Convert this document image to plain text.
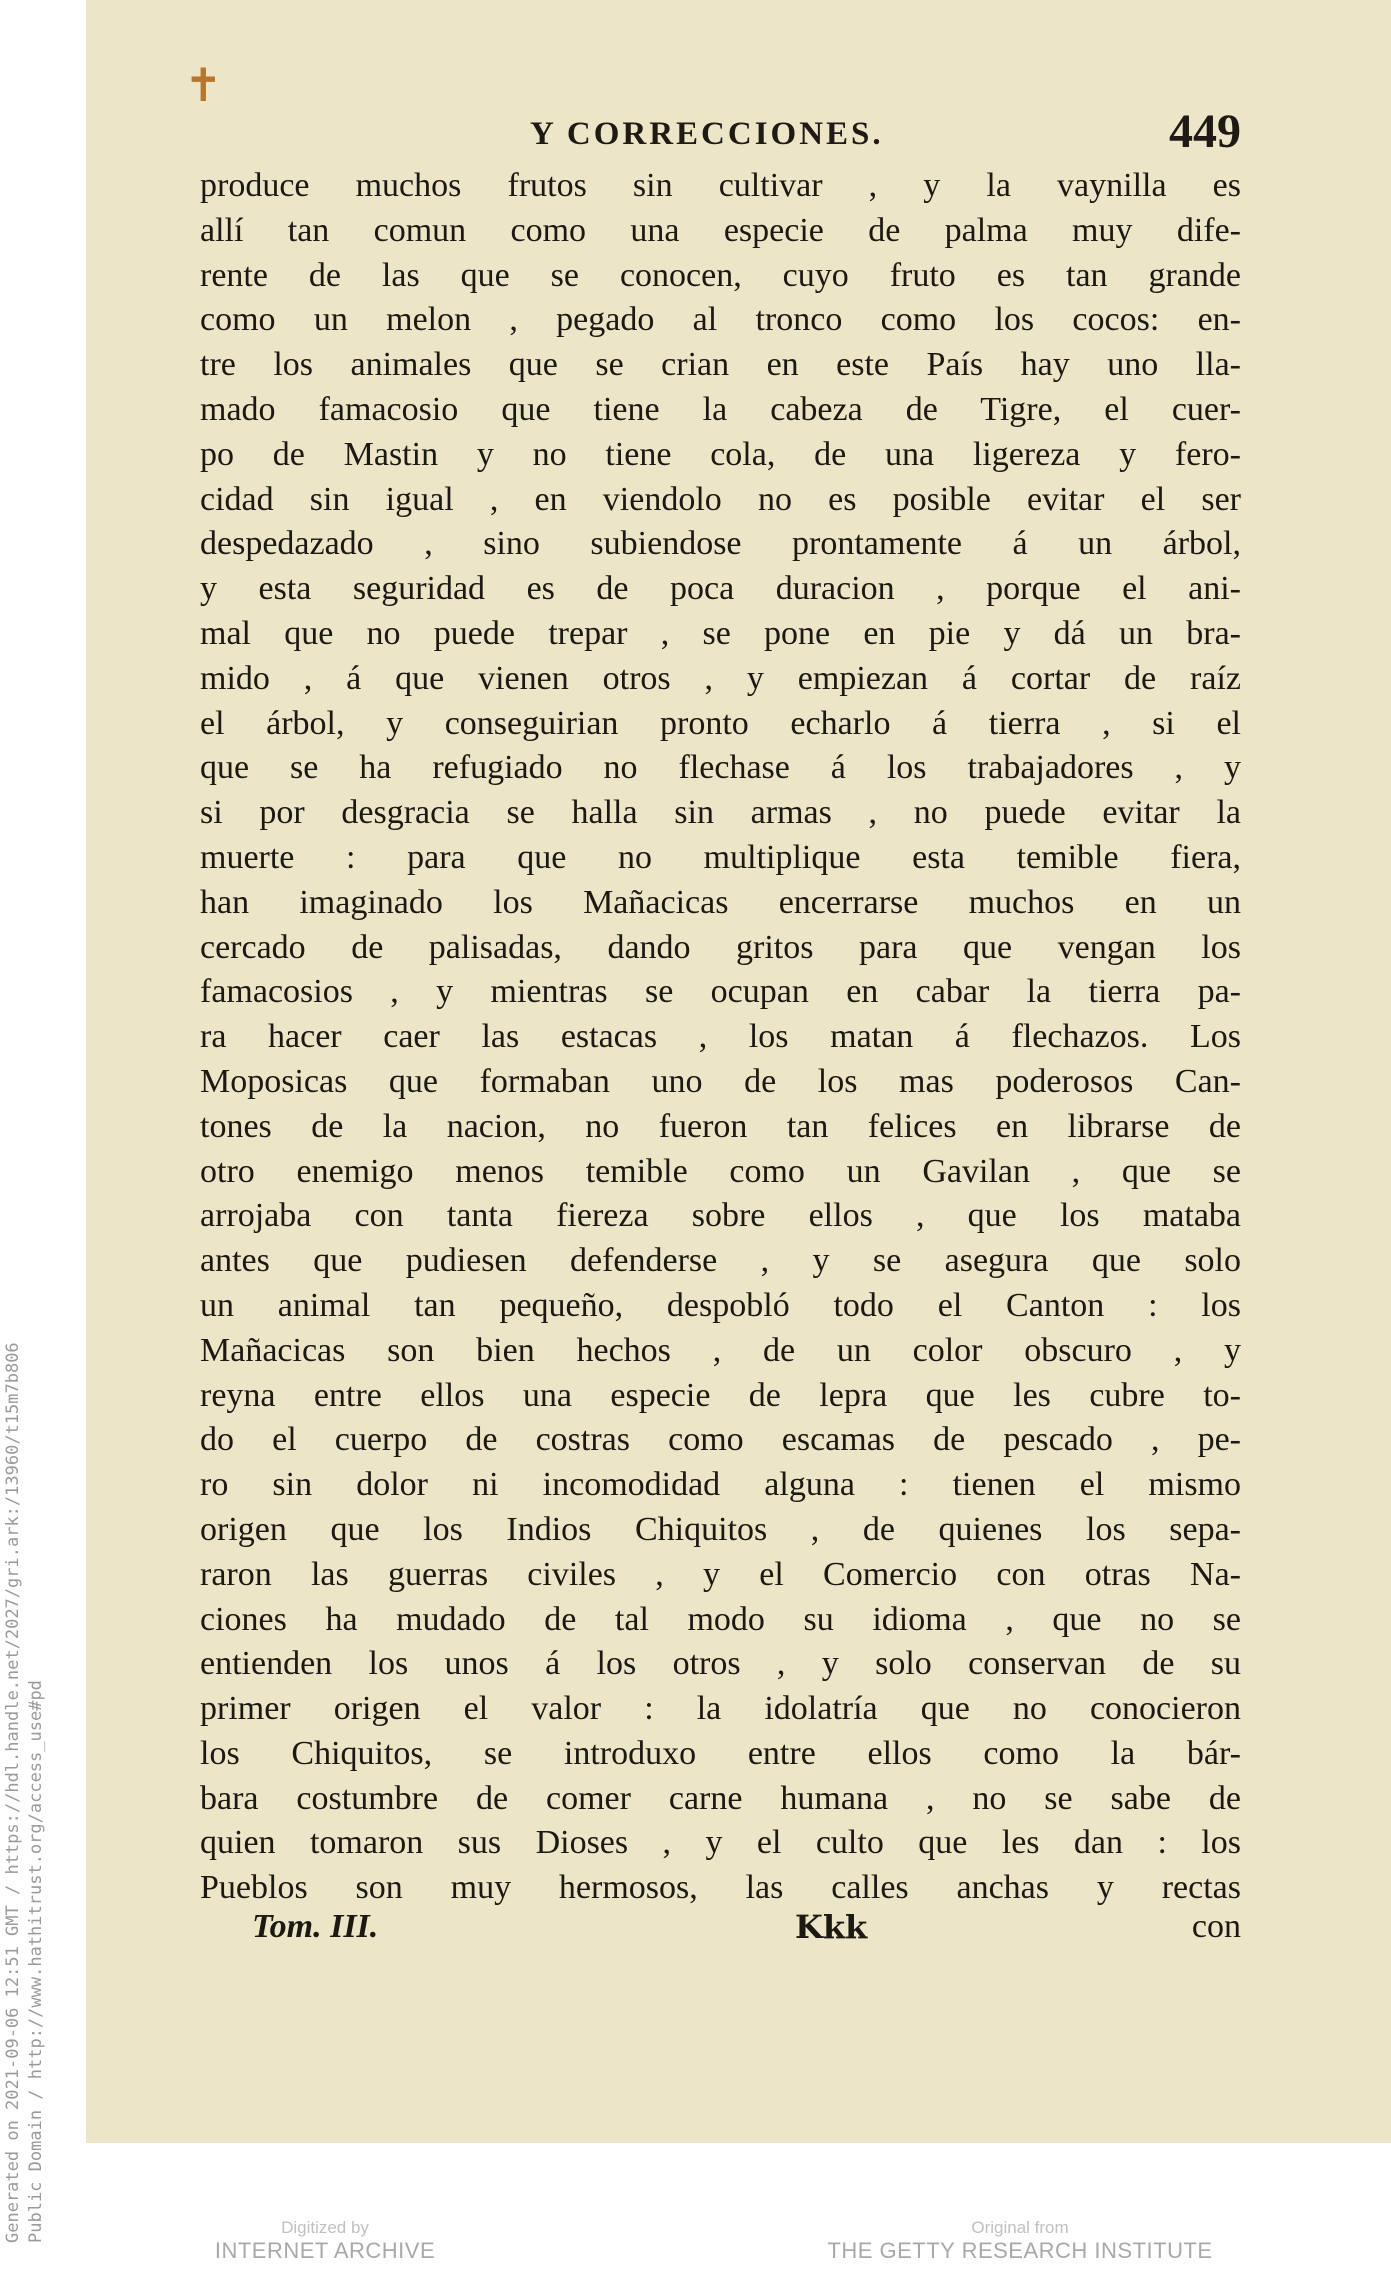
✝
Y CORRECCIONES.	449
produce muchos frutos sin cultivar , y la vaynilla es
allí tan comun como una especie de palma muy dife-
rente de las que se conocen, cuyo fruto es tan grande
como un melon , pegado al tronco como los cocos: en-
tre los animales que se crian en este País hay uno lla-
mado famacosio que tiene la cabeza de Tigre, el cuer-
po de Mastin y no tiene cola, de una ligereza y fero-
cidad sin igual , en viendolo no es posible evitar el ser
despedazado , sino subiendose prontamente á un árbol,
y esta seguridad es de poca duracion , porque el ani-
mal que no puede trepar , se pone en pie y dá un bra-
mido , á que vienen otros , y empiezan á cortar de raíz
el árbol, y conseguirian pronto echarlo á tierra , si el
que se ha refugiado no flechase á los trabajadores , y
si por desgracia se halla sin armas , no puede evitar la
muerte : para que no multiplique esta temible fiera,
han imaginado los Mañacicas encerrarse muchos en un
cercado de palisadas, dando gritos para que vengan los
famacosios , y mientras se ocupan en cabar la tierra pa-
ra hacer caer las estacas , los matan á flechazos. Los
Moposicas que formaban uno de los mas poderosos Can-
tones de la nacion, no fueron tan felices en librarse de
otro enemigo menos temible como un Gavilan , que se
arrojaba con tanta fiereza sobre ellos , que los mataba
antes que pudiesen defenderse , y se asegura que solo
un animal tan pequeño, despobló todo el Canton : los
Mañacicas son bien hechos , de un color obscuro , y
reyna entre ellos una especie de lepra que les cubre to-
do el cuerpo de costras como escamas de pescado , pe-
ro sin dolor ni incomodidad alguna : tienen el mismo
origen que los Indios Chiquitos , de quienes los sepa-
raron las guerras civiles , y el Comercio con otras Na-
ciones ha mudado de tal modo su idioma , que no se
entienden los unos á los otros , y solo conservan de su
primer origen el valor : la idolatría que no conocieron
los Chiquitos, se introduxo entre ellos como la bár-
bara costumbre de comer carne humana , no se sabe de
quien tomaron sus Dioses , y el culto que les dan : los
Pueblos son muy hermosos, las calles anchas y rectas
Tom. III.	Kkk	con
Generated on 2021-09-06 12:51 GMT / https://hdl.handle.net/2027/gri.ark:/13960/t15m7b806 Public Domain / http://www.hathitrust.org/access_use#pd	Digitized by
INTERNET ARCHIVE
Original from
THE GETTY RESEARCH INSTITUTE
